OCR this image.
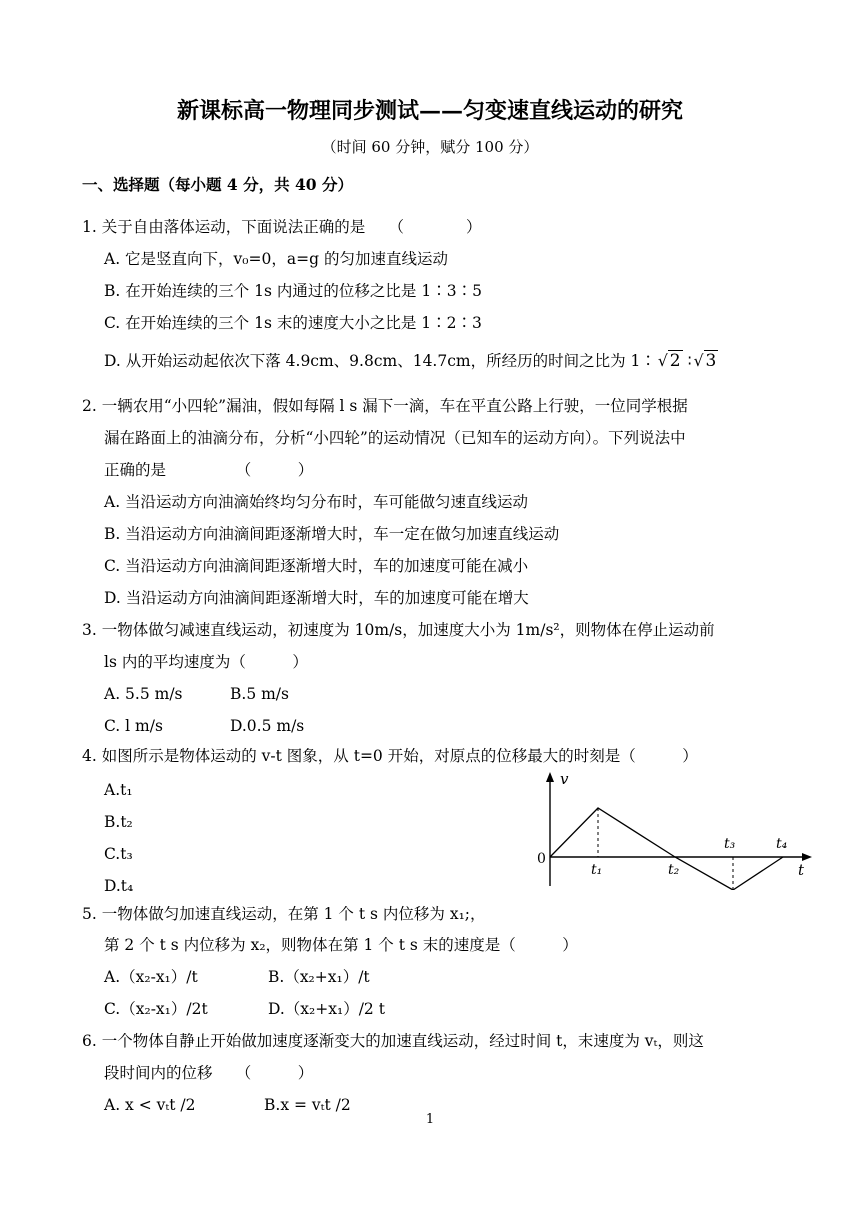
新课标高一物理同步测试——匀变速直线运动的研究
（时间 60 分钟，赋分 100 分）
一、选择题（每小题 4 分，共 40 分）
1. 关于自由落体运动，下面说法正确的是　　（　　　　）
A. 它是竖直向下，v₀=0，a=g 的匀加速直线运动
B. 在开始连续的三个 1s 内通过的位移之比是 1∶3∶5
C. 在开始连续的三个 1s 末的速度大小之比是 1∶2∶3
D. 从开始运动起依次下落 4.9cm、9.8cm、14.7cm，所经历的时间之比为 1∶ √ 2 ∶ √ 3
2. 一辆农用“小四轮”漏油，假如每隔 l s 漏下一滴，车在平直公路上行驶，一位同学根据
漏在路面上的油滴分布，分析“小四轮”的运动情况（已知车的运动方向）。下列说法中
正确的是　　　　　（　　　）
A. 当沿运动方向油滴始终均匀分布时，车可能做匀速直线运动
B. 当沿运动方向油滴间距逐渐增大时，车一定在做匀加速直线运动
C. 当沿运动方向油滴间距逐渐增大时，车的加速度可能在减小
D. 当沿运动方向油滴间距逐渐增大时，车的加速度可能在增大
3. 一物体做匀减速直线运动，初速度为 10m/s，加速度大小为 1m/s²，则物体在停止运动前
ls 内的平均速度为（　　　）
A. 5.5 m/s	B.5 m/s
C. l m/s	D.0.5 m/s
4. 如图所示是物体运动的 v-t 图象，从 t=0 开始，对原点的位移最大的时刻是（　　　）
A.t₁
B.t₂
C.t₃
D.t₄
v
t
0
t₁	t₂
t₃	t₄
5. 一物体做匀加速直线运动，在第 1 个 t s 内位移为 x₁;，
第 2 个 t s 内位移为 x₂，则物体在第 1 个 t s 末的速度是（　　　）
A.（x₂-x₁）/t	B.（x₂+x₁）/t
C.（x₂-x₁）/2t	D.（x₂+x₁）/2 t
6. 一个物体自静止开始做加速度逐渐变大的加速直线运动，经过时间 t，末速度为 vₜ，则这
段时间内的位移　　（　　　）
A. x < vₜt /2	B.x = vₜt /2
1
